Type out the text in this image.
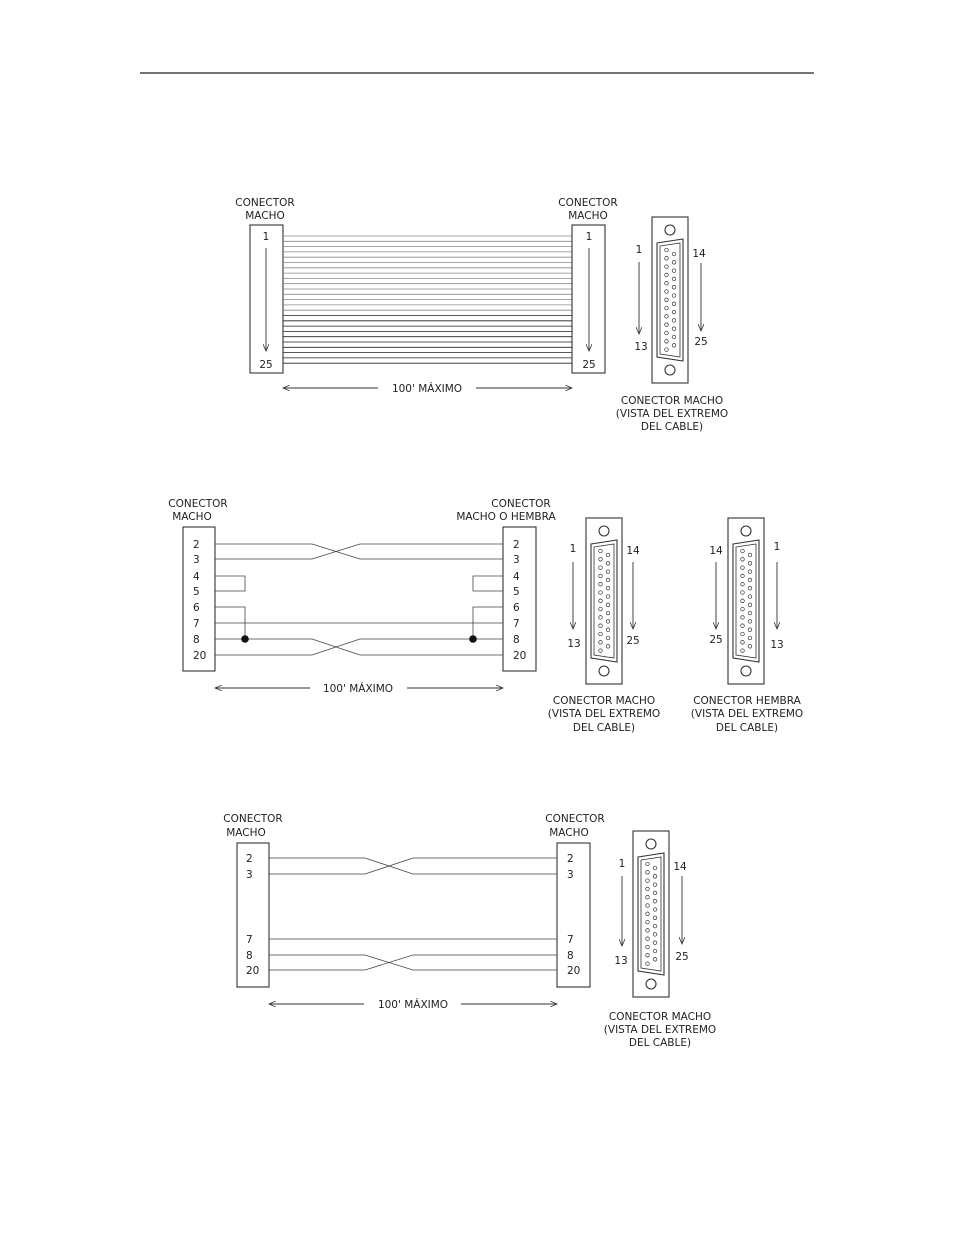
CONECTOR
MACHO
1
25
CONECTOR
MACHO
1
25
100' MÁXIMO
1
13
14
25
CONECTOR MACHO
(VISTA DEL EXTREMO
DEL CABLE)
CONECTOR
MACHO
2
3
4
5
6
7
8
20
CONECTOR
MACHO O HEMBRA
2
3
4
5
6
7
8
20
100' MÁXIMO
1
13
14
25
CONECTOR MACHO
(VISTA DEL EXTREMO
DEL CABLE)
14
25
1
13
CONECTOR HEMBRA
(VISTA DEL EXTREMO
DEL CABLE)
CONECTOR
MACHO
2
3
7
8
20
CONECTOR
MACHO
2
3
7
8
20
100' MÁXIMO
1
13
14
25
CONECTOR MACHO
(VISTA DEL EXTREMO
DEL CABLE)
